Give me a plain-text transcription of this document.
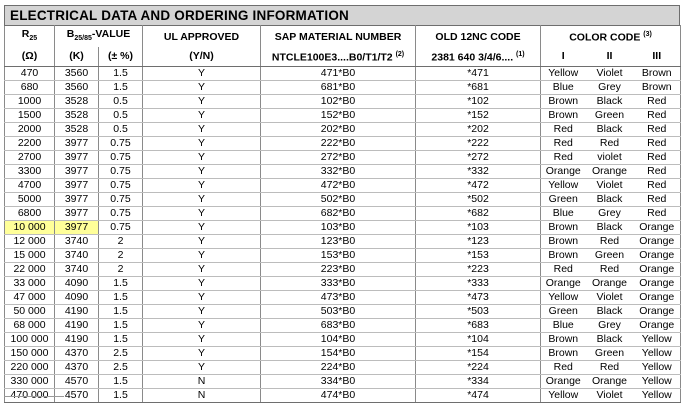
ELECTRICAL DATA AND ORDERING INFORMATION
$R_{25}$	$B_{25/85}$-VALUE		UL APPROVED	SAP MATERIAL NUMBER	OLD 12NC CODE	COLOR CODE $^{(3)}$
(Ω)	(K)	(± %)	(Y/N)	NTCLE100E3....B0/T1/T2 $^{(2)}$	2381 640 3/4/6.... $^{(1)}$	I	II	III
470	3560	1.5	Y	471*B0	*471	Yellow	Violet	Brown
680	3560	1.5	Y	681*B0	*681	Blue	Grey	Brown
1000	3528	0.5	Y	102*B0	*102	Brown	Black	Red
1500	3528	0.5	Y	152*B0	*152	Brown	Green	Red
2000	3528	0.5	Y	202*B0	*202	Red	Black	Red
2200	3977	0.75	Y	222*B0	*222	Red	Red	Red
2700	3977	0.75	Y	272*B0	*272	Red	violet	Red
3300	3977	0.75	Y	332*B0	*332	Orange	Orange	Red
4700	3977	0.75	Y	472*B0	*472	Yellow	Violet	Red
5000	3977	0.75	Y	502*B0	*502	Green	Black	Red
6800	3977	0.75	Y	682*B0	*682	Blue	Grey	Red
10 000	3977	0.75	Y	103*B0	*103	Brown	Black	Orange
12 000	3740	2	Y	123*B0	*123	Brown	Red	Orange
15 000	3740	2	Y	153*B0	*153	Brown	Green	Orange
22 000	3740	2	Y	223*B0	*223	Red	Red	Orange
33 000	4090	1.5	Y	333*B0	*333	Orange	Orange	Orange
47 000	4090	1.5	Y	473*B0	*473	Yellow	Violet	Orange
50 000	4190	1.5	Y	503*B0	*503	Green	Black	Orange
68 000	4190	1.5	Y	683*B0	*683	Blue	Grey	Orange
100 000	4190	1.5	Y	104*B0	*104	Brown	Black	Yellow
150 000	4370	2.5	Y	154*B0	*154	Brown	Green	Yellow
220 000	4370	2.5	Y	224*B0	*224	Red	Red	Yellow
330 000	4570	1.5	N	334*B0	*334	Orange	Orange	Yellow
470 000	4570	1.5	N	474*B0	*474	Yellow	Violet	Yellow
